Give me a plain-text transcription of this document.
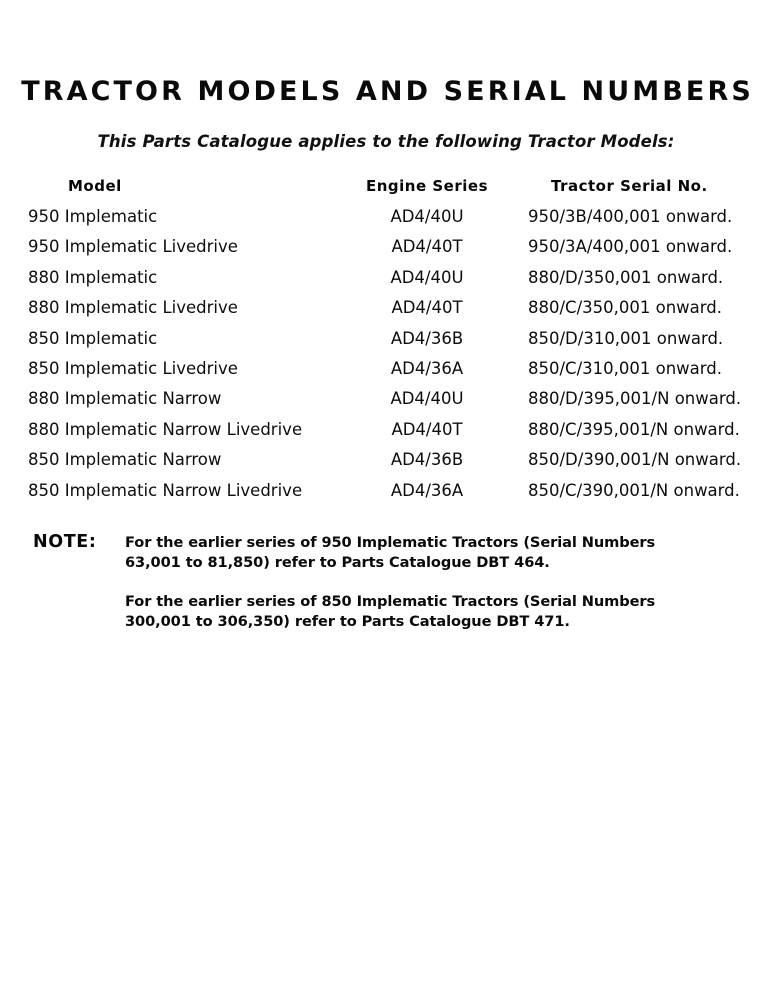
TRACTOR MODELS AND SERIAL NUMBERS
This Parts Catalogue applies to the following Tractor Models:
Model	Engine Series	Tractor Serial No.
950 Implematic	AD4/40U	950/3B/400,001 onward.
950 Implematic Livedrive	AD4/40T	950/3A/400,001 onward.
880 Implematic	AD4/40U	880/D/350,001 onward.
880 Implematic Livedrive	AD4/40T	880/C/350,001 onward.
850 Implematic	AD4/36B	850/D/310,001 onward.
850 Implematic Livedrive	AD4/36A	850/C/310,001 onward.
880 Implematic Narrow	AD4/40U	880/D/395,001/N onward.
880 Implematic Narrow Livedrive	AD4/40T	880/C/395,001/N onward.
850 Implematic Narrow	AD4/36B	850/D/390,001/N onward.
850 Implematic Narrow Livedrive	AD4/36A	850/C/390,001/N onward.
NOTE: For the earlier series of 950 Implematic Tractors (Serial Numbers
63,001 to 81,850) refer to Parts Catalogue DBT 464.
For the earlier series of 850 Implematic Tractors (Serial Numbers
300,001 to 306,350) refer to Parts Catalogue DBT 471.
